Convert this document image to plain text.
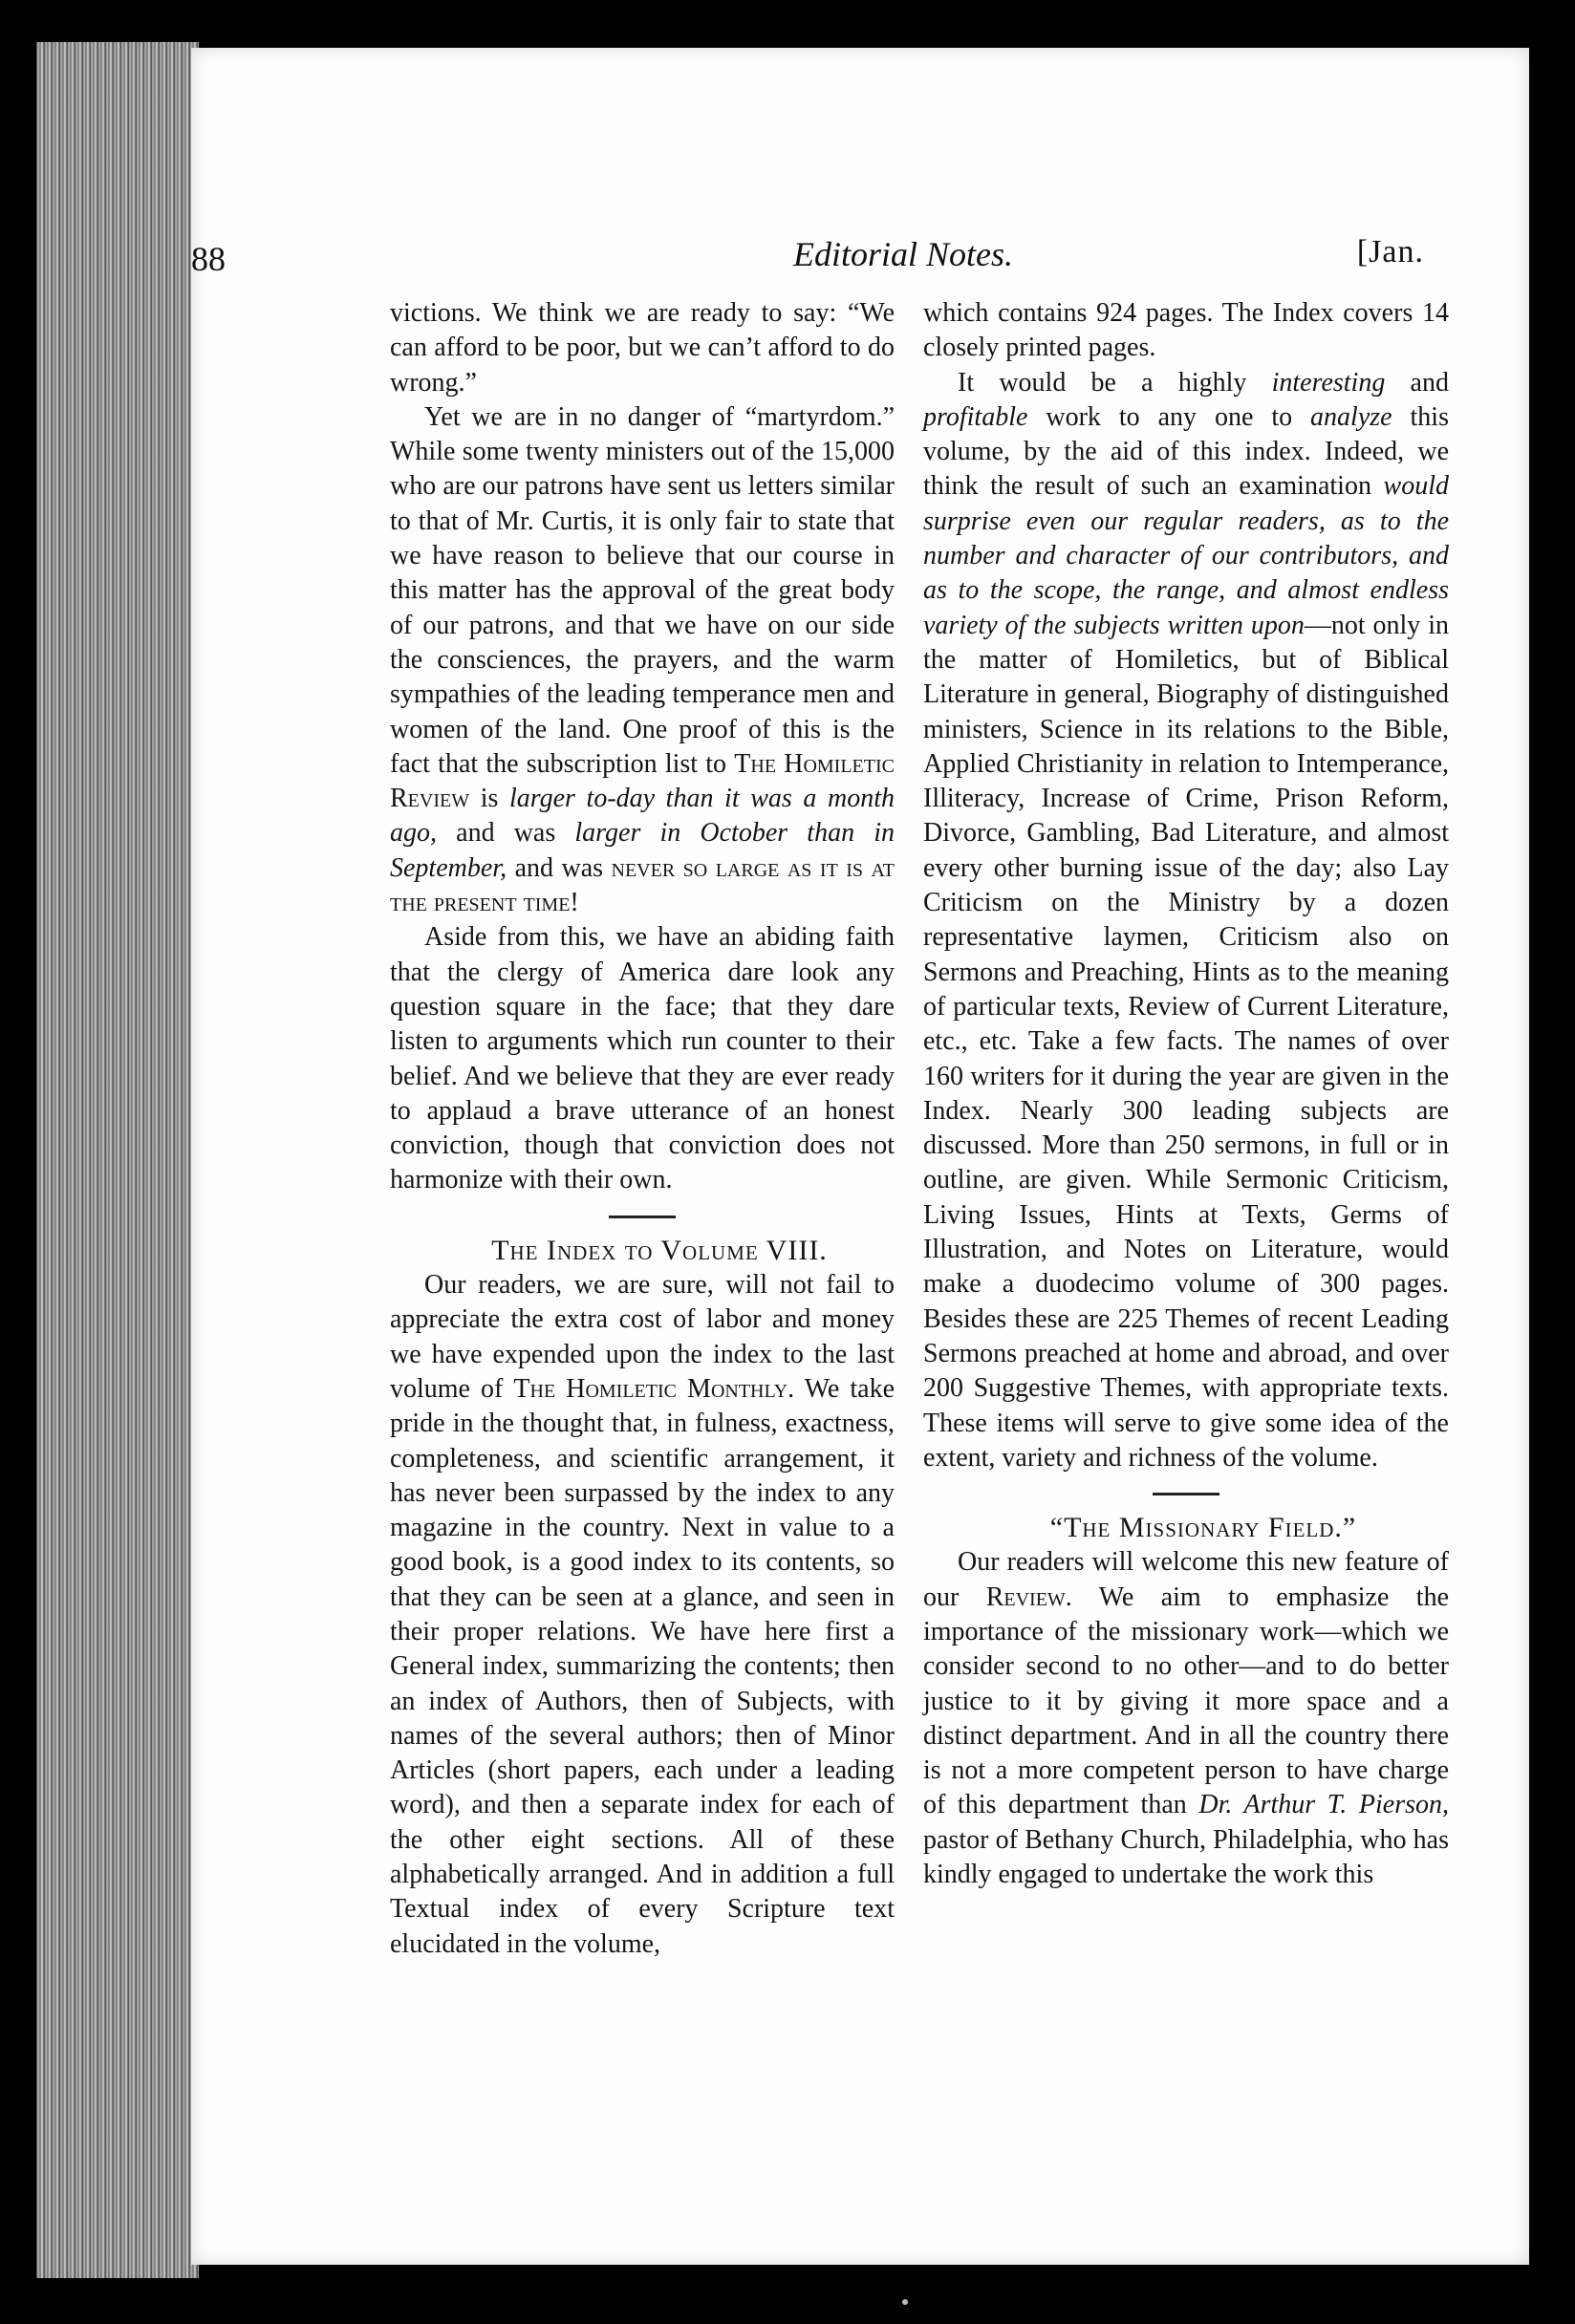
88	Editorial Notes.	[Jan.

victions. We think we are ready to say: “We can afford to be poor, but we can’t afford to do wrong.”

Yet we are in no danger of “martyrdom.” While some twenty ministers out of the 15,000 who are our patrons have sent us letters similar to that of Mr. Curtis, it is only fair to state that we have reason to believe that our course in this matter has the approval of the great body of our patrons, and that we have on our side the consciences, the prayers, and the warm sympathies of the leading temperance men and women of the land. One proof of this is the fact that the subscription list to The Homiletic Review is larger to-day than it was a month ago, and was larger in October than in September, and was never so large as it is at the present time!

Aside from this, we have an abiding faith that the clergy of America dare look any question square in the face; that they dare listen to arguments which run counter to their belief. And we believe that they are ever ready to applaud a brave utterance of an honest conviction, though that conviction does not harmonize with their own.

The Index to Volume VIII.

Our readers, we are sure, will not fail to appreciate the extra cost of labor and money we have expended upon the index to the last volume of The Homiletic Monthly. We take pride in the thought that, in fulness, exactness, completeness, and scientific arrangement, it has never been surpassed by the index to any magazine in the country. Next in value to a good book, is a good index to its contents, so that they can be seen at a glance, and seen in their proper relations. We have here first a General index, summarizing the contents; then an index of Authors, then of Subjects, with names of the several authors; then of Minor Articles (short papers, each under a leading word), and then a separate index for each of the other eight sections. All of these alphabetically arranged. And in addition a full Textual index of every Scripture text elucidated in the volume,

which contains 924 pages. The Index covers 14 closely printed pages.

It would be a highly interesting and profitable work to any one to analyze this volume, by the aid of this index. Indeed, we think the result of such an examination would surprise even our regular readers, as to the number and character of our contributors, and as to the scope, the range, and almost endless variety of the subjects written upon—not only in the matter of Homiletics, but of Biblical Literature in general, Biography of distinguished ministers, Science in its relations to the Bible, Applied Christianity in relation to Intemperance, Illiteracy, Increase of Crime, Prison Reform, Divorce, Gambling, Bad Literature, and almost every other burning issue of the day; also Lay Criticism on the Ministry by a dozen representative laymen, Criticism also on Sermons and Preaching, Hints as to the meaning of particular texts, Review of Current Literature, etc., etc. Take a few facts. The names of over 160 writers for it during the year are given in the Index. Nearly 300 leading subjects are discussed. More than 250 sermons, in full or in outline, are given. While Sermonic Criticism, Living Issues, Hints at Texts, Germs of Illustration, and Notes on Literature, would make a duodecimo volume of 300 pages. Besides these are 225 Themes of recent Leading Sermons preached at home and abroad, and over 200 Suggestive Themes, with appropriate texts. These items will serve to give some idea of the extent, variety and richness of the volume.

“The Missionary Field.”

Our readers will welcome this new feature of our Review. We aim to emphasize the importance of the missionary work—which we consider second to no other—and to do better justice to it by giving it more space and a distinct department. And in all the country there is not a more competent person to have charge of this department than Dr. Arthur T. Pierson, pastor of Bethany Church, Philadelphia, who has kindly engaged to undertake the work this
